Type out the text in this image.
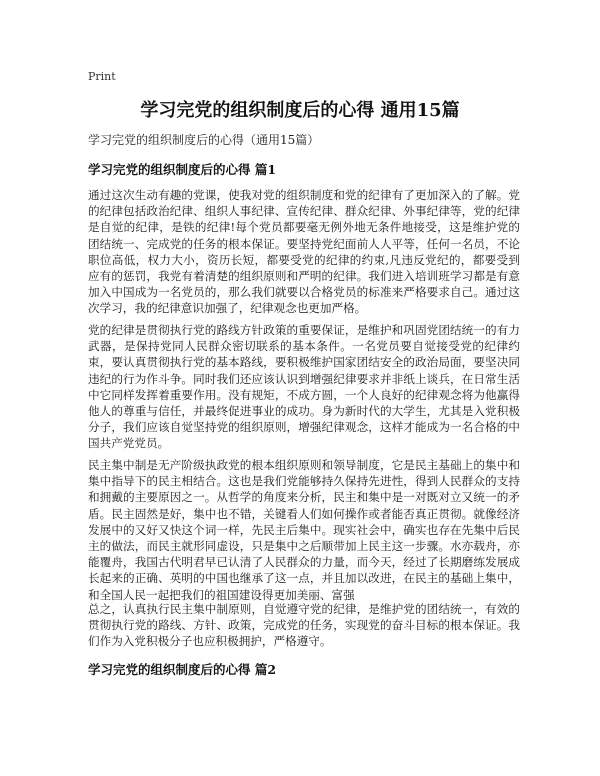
Print
学习完党的组织制度后的心得 通用15篇
学习完党的组织制度后的心得（通用15篇）
学习完党的组织制度后的心得 篇1

通过这次生动有趣的党课，使我对党的组织制度和党的纪律有了更加深入的了解。党的纪律包括政治纪律、组织人事纪律、宣传纪律、群众纪律、外事纪律等，党的纪律是自觉的纪律，是铁的纪律!每个党员都要毫无例外地无条件地接受，这是维护党的团结统一、完成党的任务的根本保证。要坚持党纪面前人人平等，任何一名员，不论职位高低，权力大小，资历长短，都要受党的纪律的约束,凡违反党纪的，都要受到应有的惩罚，我党有着清楚的组织原则和严明的纪律。我们进入培训班学习都是有意加入中国成为一名党员的，那么我们就要以合格党员的标准来严格要求自己。通过这次学习，我的纪律意识加强了，纪律观念也更加严格。

党的纪律是贯彻执行党的路线方针政策的重要保证，是维护和巩固党团结统一的有力武器，是保持党同人民群众密切联系的基本条件。一名党员要自觉接受党的纪律约束，要认真贯彻执行党的基本路线，要积极维护国家团结安全的政治局面，要坚决同违纪的行为作斗争。同时我们还应该认识到增强纪律要求并非纸上谈兵，在日常生活中它同样发挥着重要作用。没有规矩，不成方圆，一个人良好的纪律观念将为他赢得他人的尊重与信任，并最终促进事业的成功。身为新时代的大学生，尤其是入党积极分子，我们应该自觉坚持党的组织原则，增强纪律观念，这样才能成为一名合格的中国共产党党员。

民主集中制是无产阶级执政党的根本组织原则和领导制度，它是民主基础上的集中和集中指导下的民主相结合。这也是我们党能够持久保持先进性，得到人民群众的支持和拥戴的主要原因之一。从哲学的角度来分析，民主和集中是一对既对立又统一的矛盾。民主固然是好，集中也不错，关键看人们如何操作或者能否真正贯彻。就像经济发展中的又好又快这个词一样，先民主后集中。现实社会中，确实也存在先集中后民主的做法，而民主就形同虚设，只是集中之后顺带加上民主这一步骤。水亦载舟，亦能覆舟，我国古代明君早已认清了人民群众的力量，而今天，经过了长期磨练发展成长起来的正确、英明的中国也继承了这一点，并且加以改进，在民主的基础上集中，和全国人民一起把我们的祖国建设得更加美丽、富强

总之，认真执行民主集中制原则，自觉遵守党的纪律，是维护党的团结统一，有效的贯彻执行党的路线、方针、政策，完成党的任务，实现党的奋斗目标的根本保证。我们作为入党积极分子也应积极拥护，严格遵守。

学习完党的组织制度后的心得 篇2
